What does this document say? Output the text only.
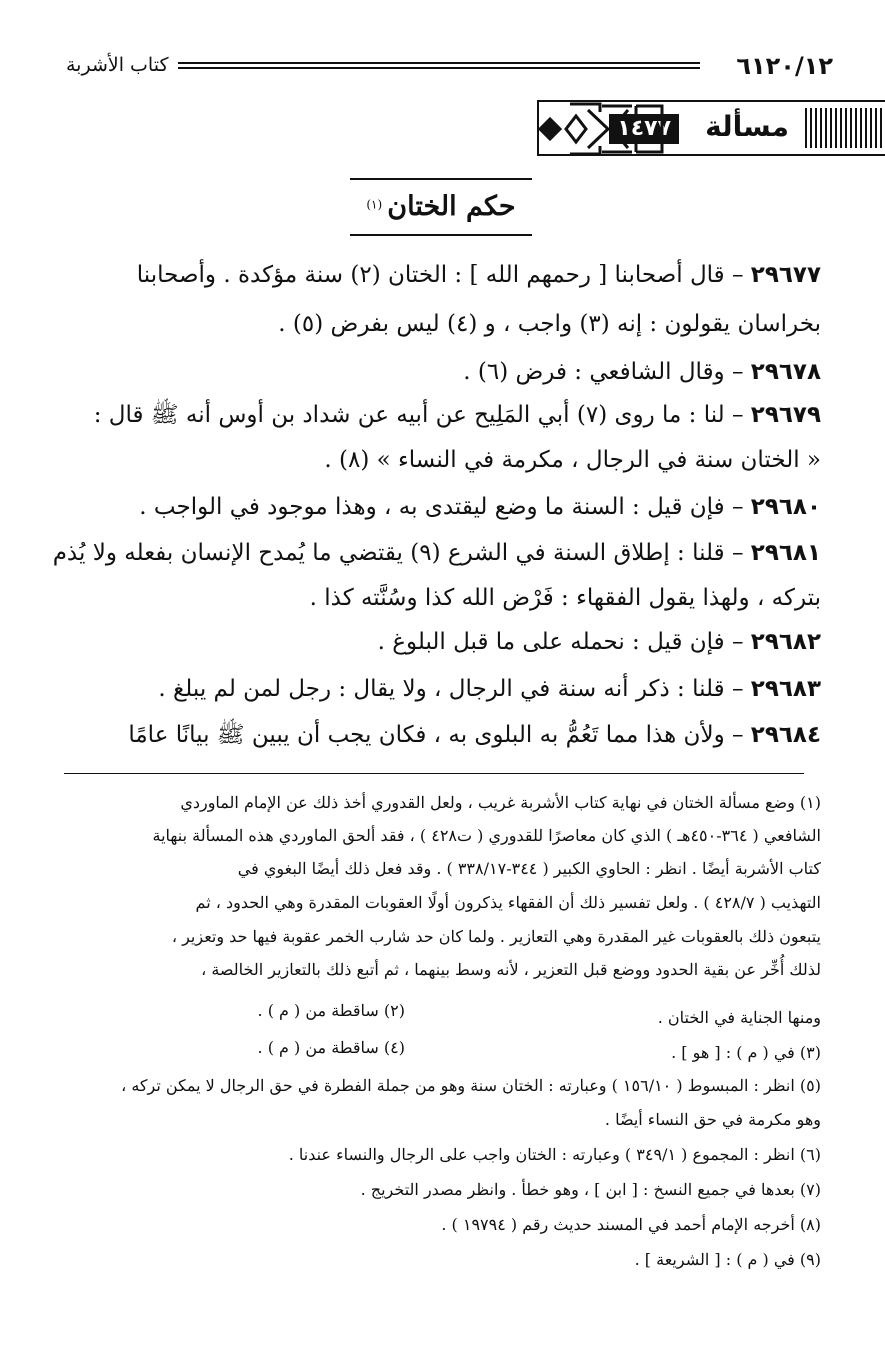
٦١٢٠/١٢
كتاب الأشربة
مسألة
١٤٧٧
حكم الختان $^{(١)}$
٢٩٦٧٧ – قال أصحابنا [ رحمهم الله ] : الختان (٢) سنة مؤكدة . وأصحابنا
بخراسان يقولون : إنه (٣) واجب ، و (٤) ليس بفرض (٥) .
٢٩٦٧٨ – وقال الشافعي : فرض (٦) .
٢٩٦٧٩ – لنا : ما روى (٧) أبي المَلِيح عن أبيه عن شداد بن أوس أنه ﷺ قال :
« الختان سنة في الرجال ، مكرمة في النساء » (٨) .
٢٩٦٨٠ – فإن قيل : السنة ما وضع ليقتدى به ، وهذا موجود في الواجب .
٢٩٦٨١ – قلنا : إطلاق السنة في الشرع (٩) يقتضي ما يُمدح الإنسان بفعله ولا يُذم
بتركه ، ولهذا يقول الفقهاء : فَرْض الله كذا وسُنَّته كذا .
٢٩٦٨٢ – فإن قيل : نحمله على ما قبل البلوغ .
٢٩٦٨٣ – قلنا : ذكر أنه سنة في الرجال ، ولا يقال : رجل لمن لم يبلغ .
٢٩٦٨٤ – ولأن هذا مما تَعُمُّ به البلوى به ، فكان يجب أن يبين ﷺ بيانًا عامًا
(١) وضع مسألة الختان في نهاية كتاب الأشربة غريب ، ولعل القدوري أخذ ذلك عن الإمام الماوردي
الشافعي ( ٣٦٤-٤٥٠هـ ) الذي كان معاصرًا للقدوري ( ت٤٢٨ ) ، فقد ألحق الماوردي هذه المسألة بنهاية
كتاب الأشربة أيضًا . انظر : الحاوي الكبير ( ٣٤٤-٣٣٨/١٧ ) . وقد فعل ذلك أيضًا البغوي في
التهذيب ( ٤٢٨/٧ ) . ولعل تفسير ذلك أن الفقهاء يذكرون أولًا العقوبات المقدرة وهي الحدود ، ثم
يتبعون ذلك بالعقوبات غير المقدرة وهي التعازير . ولما كان حد شارب الخمر عقوبة فيها حد وتعزير ،
لذلك أُخِّر عن بقية الحدود ووضع قبل التعزير ، لأنه وسط بينهما ، ثم أتبع ذلك بالتعازير الخالصة ،
ومنها الجناية في الختان .
(٢) ساقطة من ( م ) .
(٣) في ( م ) : [ هو ] .
(٤) ساقطة من ( م ) .
(٥) انظر : المبسوط ( ١٥٦/١٠ ) وعبارته : الختان سنة وهو من جملة الفطرة في حق الرجال لا يمكن تركه ،
وهو مكرمة في حق النساء أيضًا .
(٦) انظر : المجموع ( ٣٤٩/١ ) وعبارته : الختان واجب على الرجال والنساء عندنا .
(٧) بعدها في جميع النسخ : [ ابن ] ، وهو خطأ . وانظر مصدر التخريج .
(٨) أخرجه الإمام أحمد في المسند حديث رقم ( ١٩٧٩٤ ) .
(٩) في ( م ) : [ الشريعة ] .
